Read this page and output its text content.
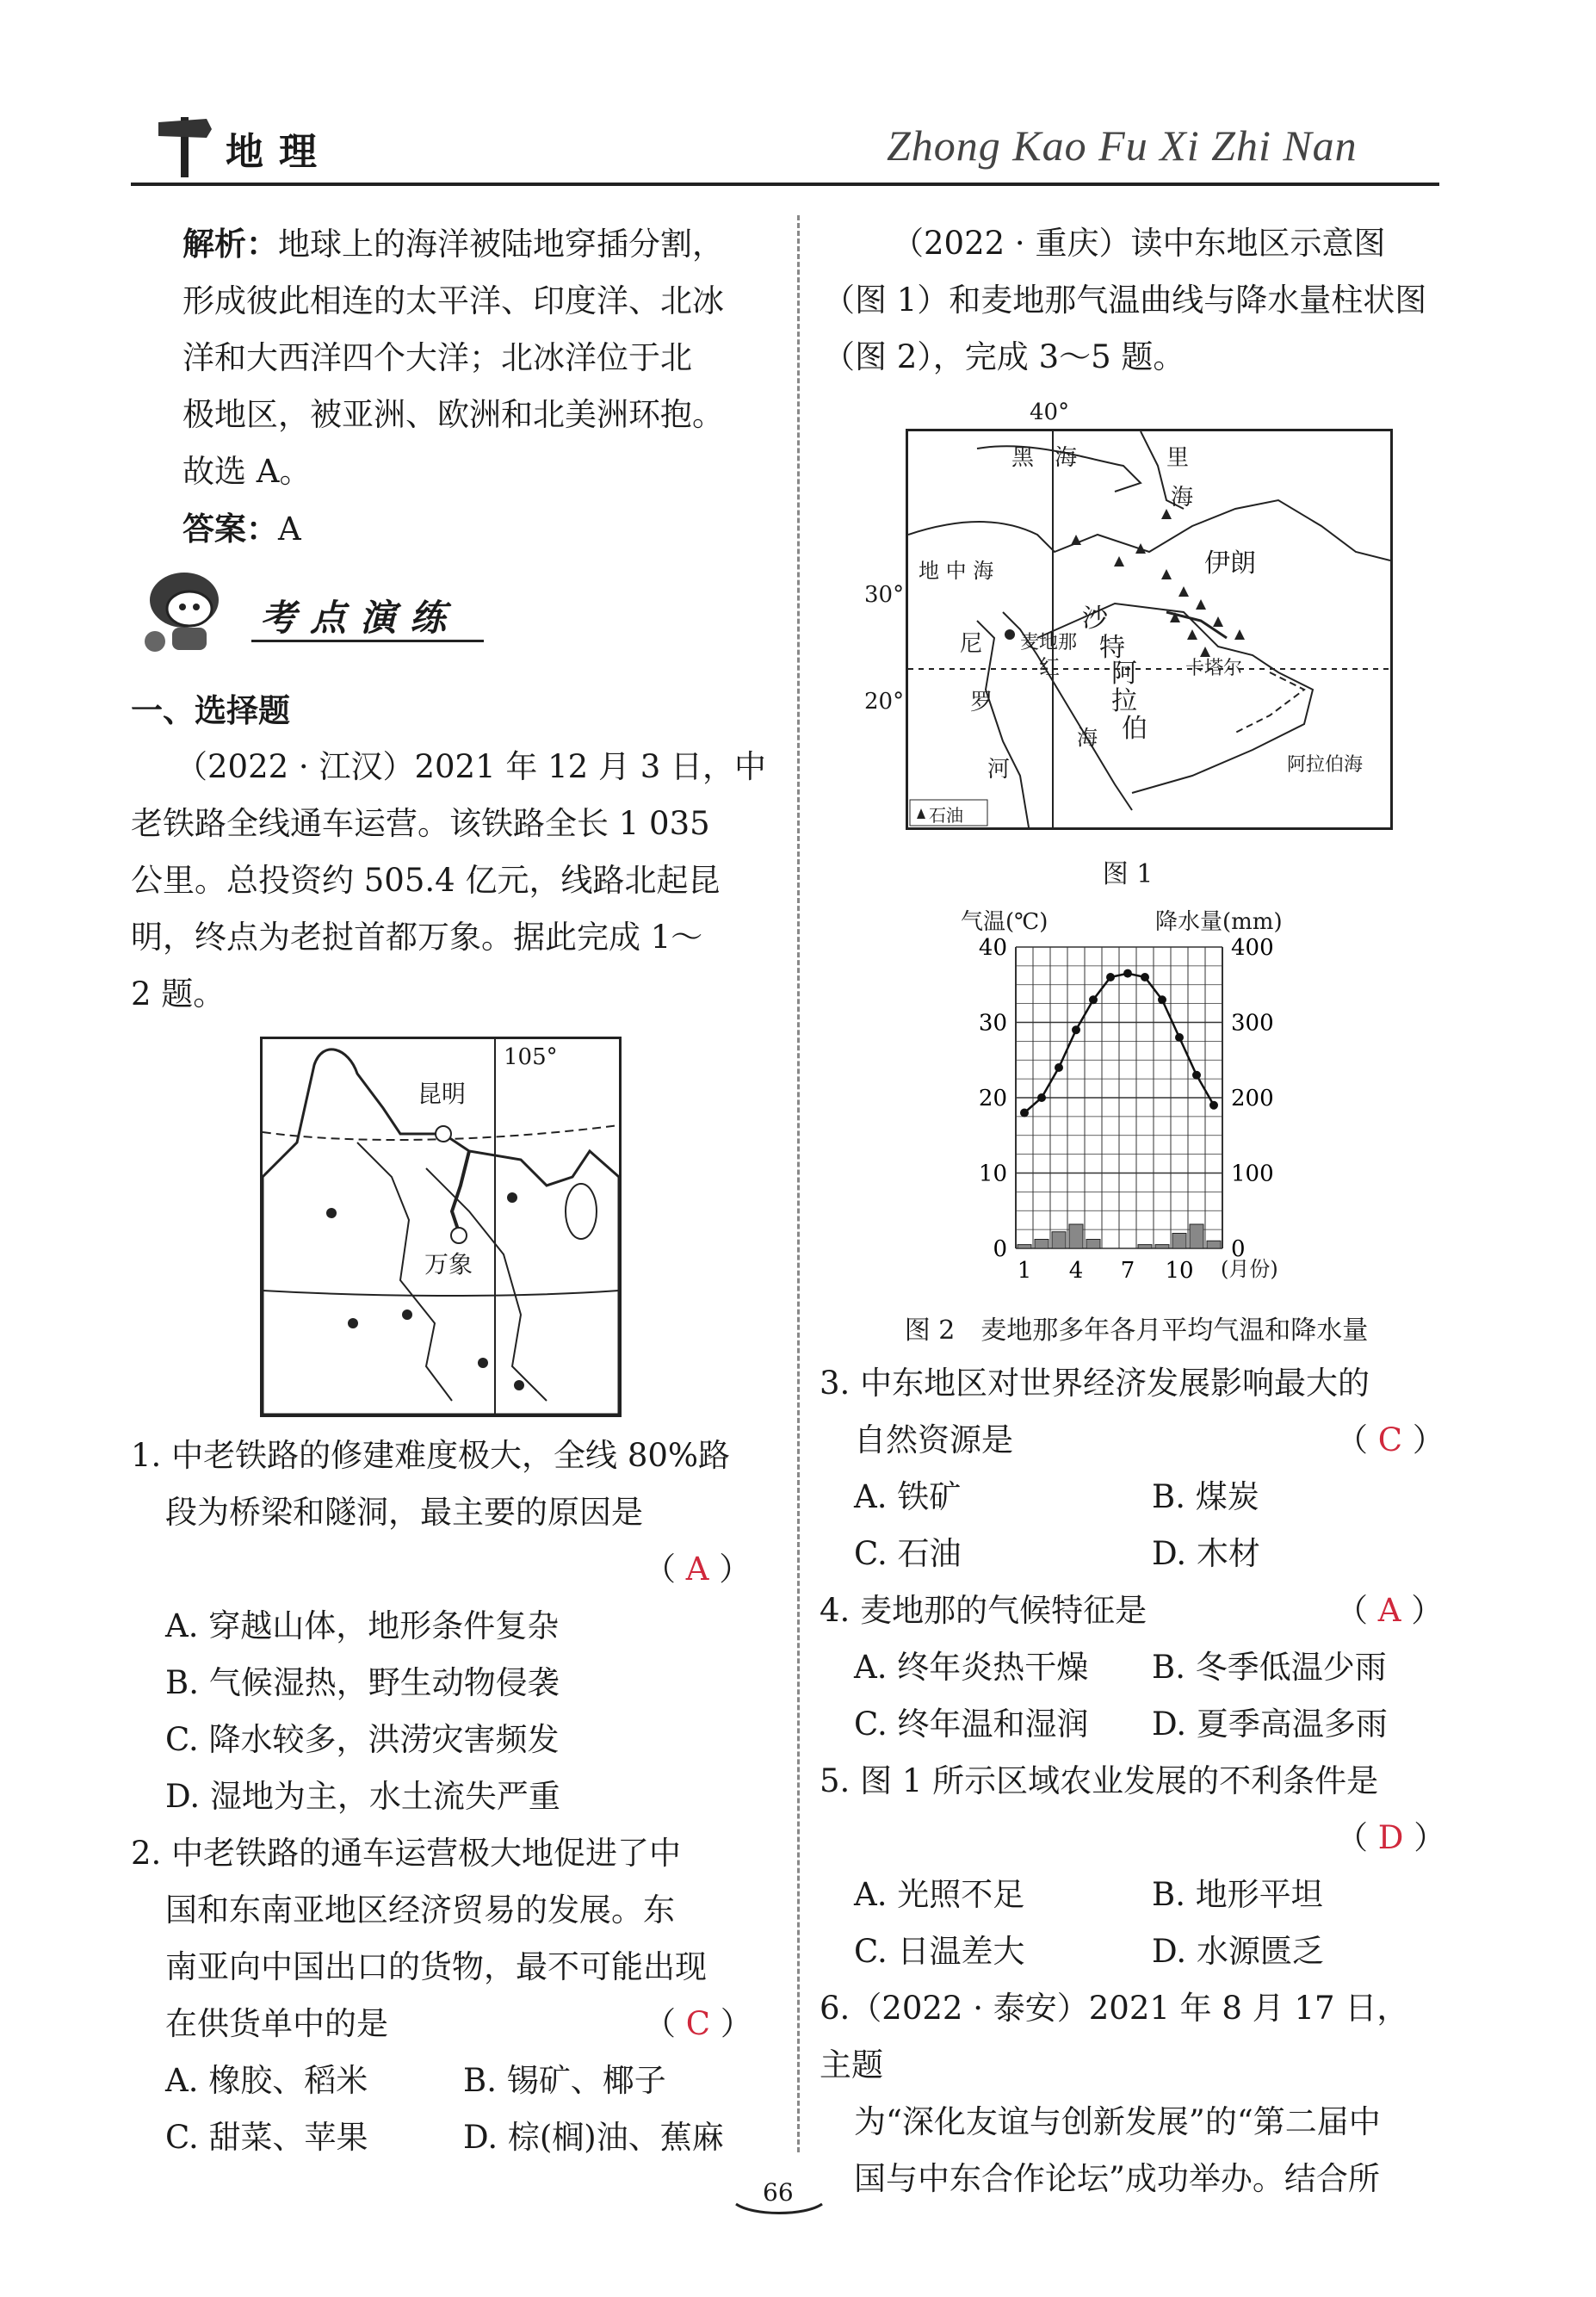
地理	Zhong Kao Fu Xi Zhi Nan
解析：地球上的海洋被陆地穿插分割，
形成彼此相连的太平洋、印度洋、北冰
洋和大西洋四个大洋；北冰洋位于北
极地区，被亚洲、欧洲和北美洲环抱。
故选 A。
答案：A
考点演练
一、选择题
（2022 · 江汉）2021 年 12 月 3 日，中
老铁路全线通车运营。该铁路全长 1 035
公里。总投资约 505.4 亿元，线路北起昆
明，终点为老挝首都万象。据此完成 1～
2 题。
105°
昆明
万象
1. 中老铁路的修建难度极大，全线 80%路
段为桥梁和隧洞，最主要的原因是
（ A ）
A. 穿越山体，地形条件复杂
B. 气候湿热，野生动物侵袭
C. 降水较多，洪涝灾害频发
D. 湿地为主，水土流失严重
2. 中老铁路的通车运营极大地促进了中
国和东南亚地区经济贸易的发展。东
南亚向中国出口的货物，最不可能出现
在供货单中的是	（ C ）
A. 橡胶、稻米	B. 锡矿、椰子
C. 甜菜、苹果	D. 棕(榈)油、蕉麻
（2022 · 重庆）读中东地区示意图
（图 1）和麦地那气温曲线与降水量柱状图
（图 2），完成 3～5 题。
40°
30°
20°
黑 海	里
海
地 中 海	伊朗
沙
特
阿
拉
伯
麦地那
卡塔尔
红
海
尼
罗
河	阿拉伯海
石油
图 1
0
10
20
30
40
0
100
200
300
400
1 4 7 10
气温(℃)	降水量(mm)
(月份)
图 2　麦地那多年各月平均气温和降水量
3. 中东地区对世界经济发展影响最大的
自然资源是	（ C ）
A. 铁矿	B. 煤炭
C. 石油	D. 木材
4. 麦地那的气候特征是	（ A ）
A. 终年炎热干燥 B. 冬季低温少雨
C. 终年温和湿润 D. 夏季高温多雨
5. 图 1 所示区域农业发展的不利条件是
（ D ）
A. 光照不足	B. 地形平坦
C. 日温差大	D. 水源匮乏
6.（2022 · 泰安）2021 年 8 月 17 日，主题
为“深化友谊与创新发展”的“第二届中
国与中东合作论坛”成功举办。结合所
66
